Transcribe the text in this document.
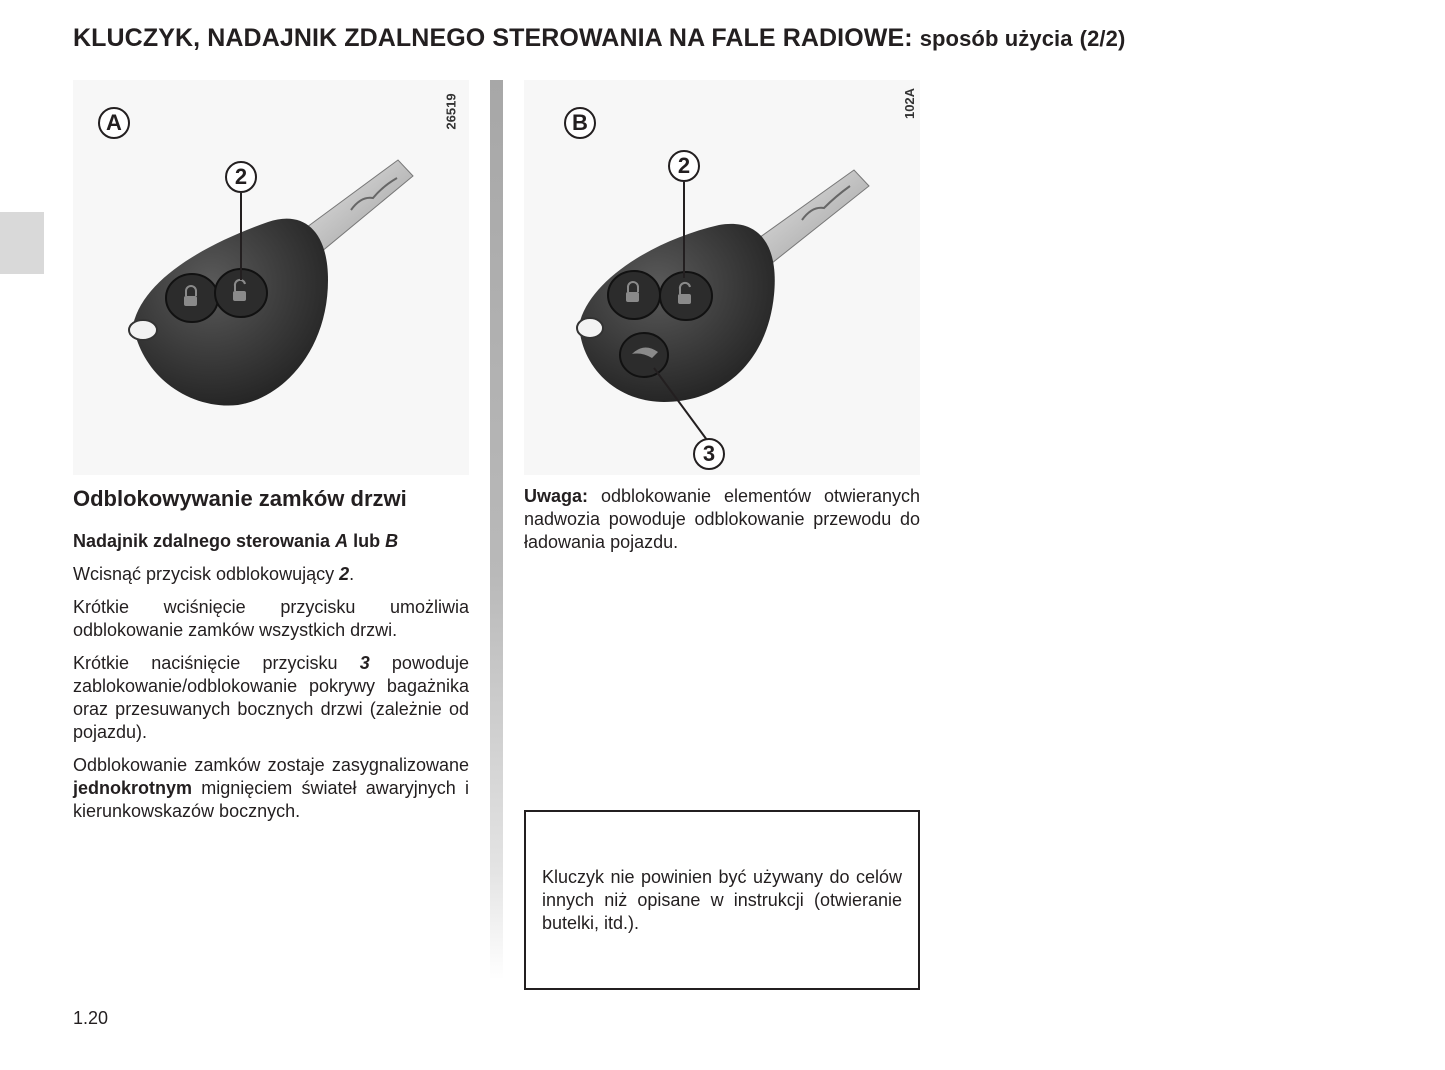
KLUCZYK, NADAJNIK ZDALNEGO STEROWANIA NA FALE RADIOWE: sposób użycia (2/2)
A
2
26519	B
2
3
102A
Odblokowywanie zamków drzwi
Nadajnik zdalnego sterowania A lub B

Wcisnąć przycisk odblokowujący 2.

Krótkie wciśnięcie przycisku umożliwia odblokowanie zamków wszystkich drzwi.

Krótkie naciśnięcie przycisku 3 powoduje zablokowanie/odblokowanie pokrywy bagażnika oraz przesuwanych bocznych drzwi (zależnie od pojazdu).

Odblokowanie zamków zostaje zasygnalizowane jednokrotnym mignięciem świateł awaryjnych i kierunkowskazów bocznych.

Uwaga: odblokowanie elementów otwieranych nadwozia powoduje odblokowanie przewodu do ładowania pojazdu.

Kluczyk nie powinien być używany do celów innych niż opisane w instrukcji (otwieranie butelki, itd.).
1.20
